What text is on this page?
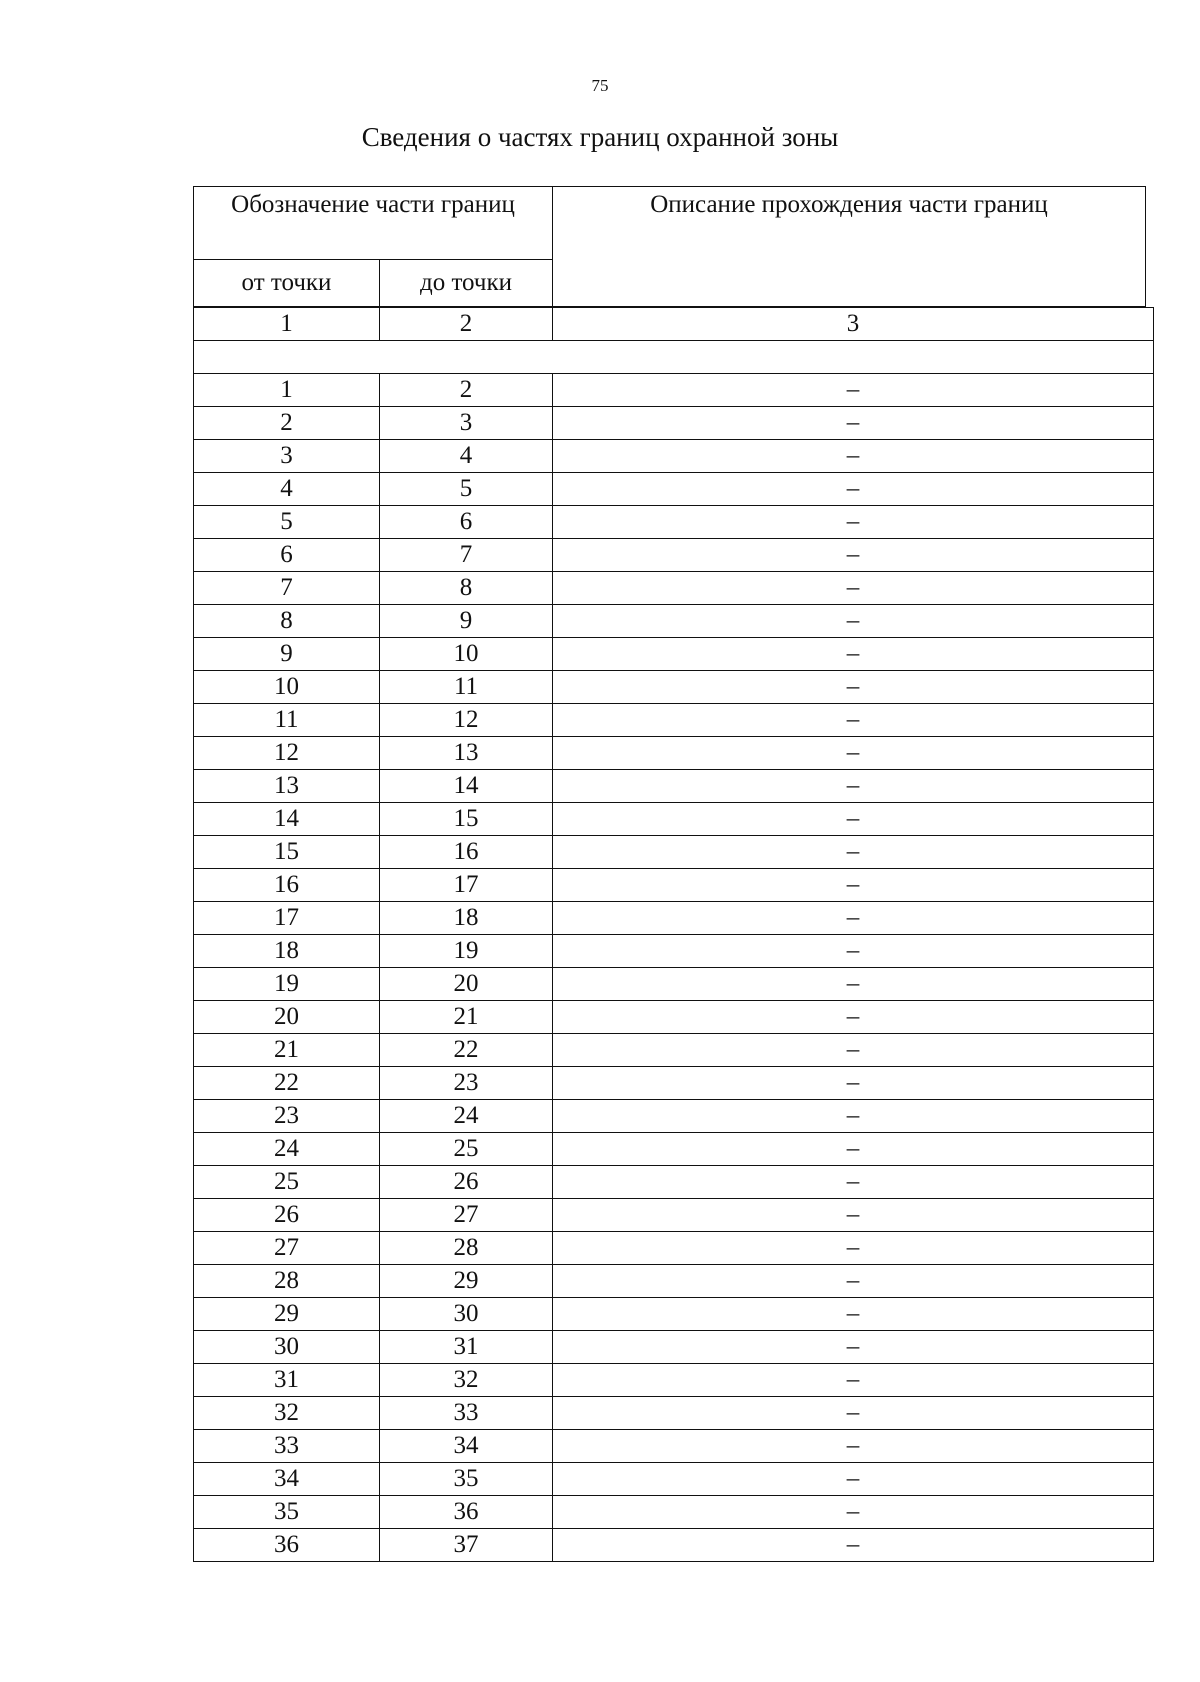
75
Сведения о частях границ охранной зоны
Обозначение части границ		Описание прохождения части границ
от точки	до точки	
1	2	3

1	2	–
2	3	–
3	4	–
4	5	–
5	6	–
6	7	–
7	8	–
8	9	–
9	10	–
10	11	–
11	12	–
12	13	–
13	14	–
14	15	–
15	16	–
16	17	–
17	18	–
18	19	–
19	20	–
20	21	–
21	22	–
22	23	–
23	24	–
24	25	–
25	26	–
26	27	–
27	28	–
28	29	–
29	30	–
30	31	–
31	32	–
32	33	–
33	34	–
34	35	–
35	36	–
36	37	–
